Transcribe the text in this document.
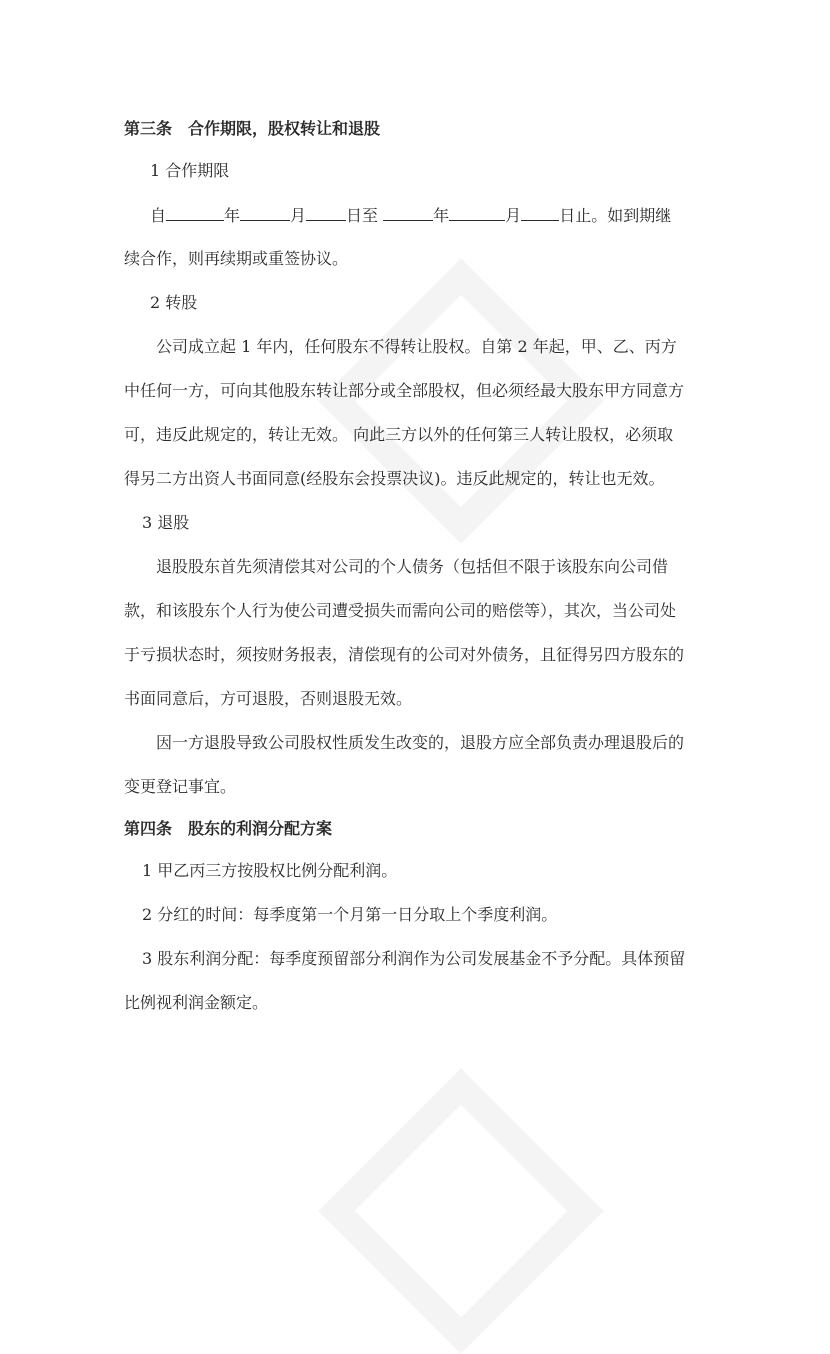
第三条　合作期限，股权转让和退股
1 合作期限
自	年	月	日至	年	月 日止。如到期继
续合作，则再续期或重签协议。
2 转股
公司成立起 1 年内，任何股东不得转让股权。自第 2 年起，甲、乙、丙方
中任何一方，可向其他股东转让部分或全部股权，但必须经最大股东甲方同意方
可，违反此规定的，转让无效。 向此三方以外的任何第三人转让股权，必须取
得另二方出资人书面同意(经股东会投票决议)。违反此规定的，转让也无效。
3 退股
退股股东首先须清偿其对公司的个人债务（包括但不限于该股东向公司借
款，和该股东个人行为使公司遭受损失而需向公司的赔偿等），其次，当公司处
于亏损状态时，须按财务报表，清偿现有的公司对外债务，且征得另四方股东的
书面同意后，方可退股，否则退股无效。
因一方退股导致公司股权性质发生改变的，退股方应全部负责办理退股后的
变更登记事宜。
第四条　股东的利润分配方案
1 甲乙丙三方按股权比例分配利润。
2 分红的时间：每季度第一个月第一日分取上个季度利润。
3 股东利润分配：每季度预留部分利润作为公司发展基金不予分配。具体预留
比例视利润金额定。
